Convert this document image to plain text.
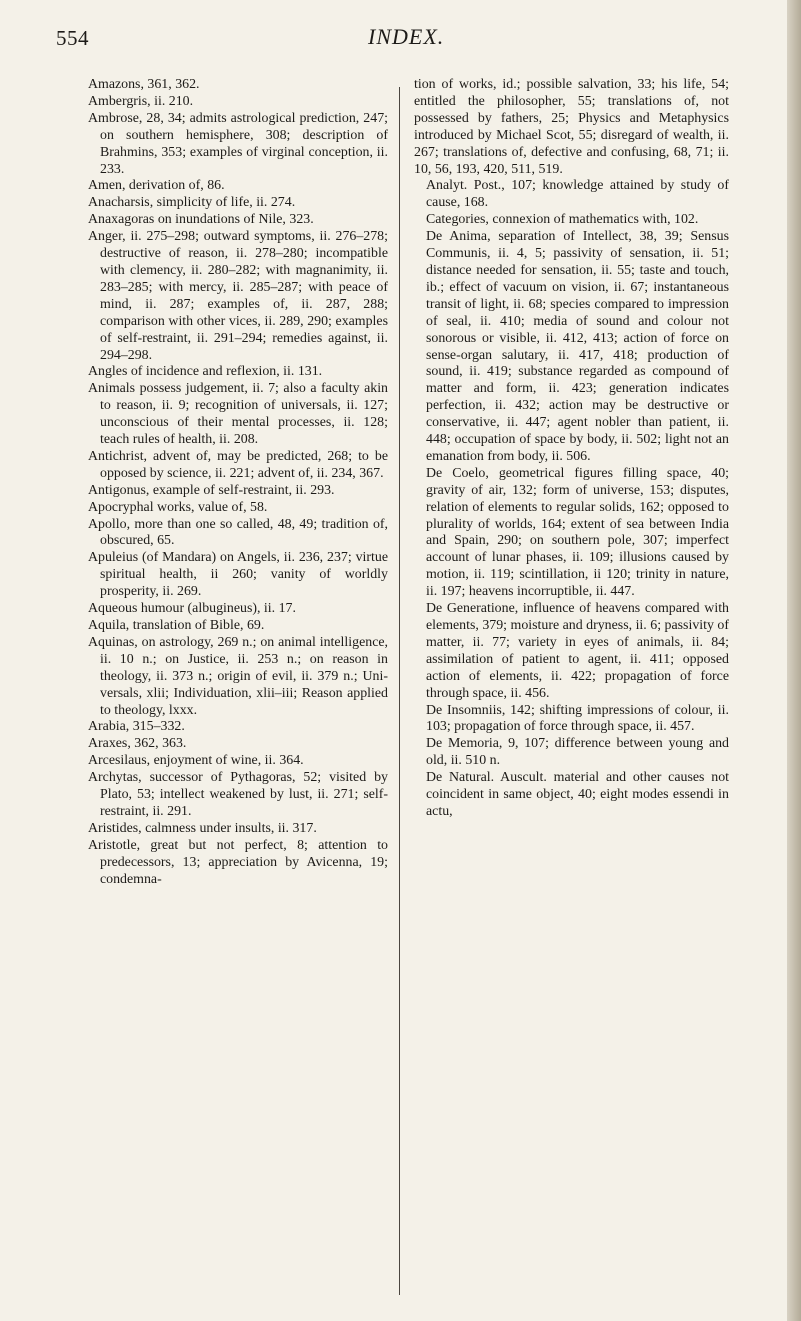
554	INDEX.

Amazons, 361, 362.

Ambergris, ii. 210.

Ambrose, 28, 34; admits astrological prediction, 247; on southern hemisphere, 308; description of Brahmins, 353; examples of virginal conception, ii. 233.

Amen, derivation of, 86.

Anacharsis, simplicity of life, ii. 274.

Anaxagoras on inundations of Nile, 323.

Anger, ii. 275–298; outward symptoms, ii. 276–278; destructive of reason, ii. 278–280; incompatible with clemency, ii. 280–282; with magnanimity, ii. 283–285; with mercy, ii. 285–287; with peace of mind, ii. 287; examples of, ii. 287, 288; comparison with other vices, ii. 289, 290; examples of self-restraint, ii. 291–294; remedies against, ii. 294–298.

Angles of incidence and reflexion, ii. 131.

Animals possess judgement, ii. 7; also a faculty akin to reason, ii. 9; recognition of universals, ii. 127; unconscious of their mental processes, ii. 128; teach rules of health, ii. 208.

Antichrist, advent of, may be predicted, 268; to be opposed by science, ii. 221; advent of, ii. 234, 367.

Antigonus, example of self-restraint, ii. 293.

Apocryphal works, value of, 58.

Apollo, more than one so called, 48, 49; tradition of, obscured, 65.

Apuleius (of Mandara) on Angels, ii. 236, 237; virtue spiritual health, ii 260; vanity of worldly prosperity, ii. 269.

Aqueous humour (albugineus), ii. 17.

Aquila, translation of Bible, 69.

Aquinas, on astrology, 269 n.; on animal intelligence, ii. 10 n.; on Justice, ii. 253 n.; on reason in theology, ii. 373 n.; origin of evil, ii. 379 n.; Universals, xlii; Individuation, xlii–iii; Reason applied to theology, lxxx.

Arabia, 315–332.

Araxes, 362, 363.

Arcesilaus, enjoyment of wine, ii. 364.

Archytas, successor of Pythagoras, 52; visited by Plato, 53; intellect weakened by lust, ii. 271; self-restraint, ii. 291.

Aristides, calmness under insults, ii. 317.

Aristotle, great but not perfect, 8; attention to predecessors, 13; appreciation by Avicenna, 19; condemna-

tion of works, id.; possible salvation, 33; his life, 54; entitled the philosopher, 55; translations of, not possessed by fathers, 25; Physics and Metaphysics introduced by Michael Scot, 55; disregard of wealth, ii. 267; translations of, defective and confusing, 68, 71; ii. 10, 56, 193, 420, 511, 519.

Analyt. Post., 107; knowledge attained by study of cause, 168.

Categories, connexion of mathematics with, 102.

De Anima, separation of Intellect, 38, 39; Sensus Communis, ii. 4, 5; passivity of sensation, ii. 51; distance needed for sensation, ii. 55; taste and touch, ib.; effect of vacuum on vision, ii. 67; instantaneous transit of light, ii. 68; species compared to impression of seal, ii. 410; media of sound and colour not sonorous or visible, ii. 412, 413; action of force on sense-organ salutary, ii. 417, 418; production of sound, ii. 419; substance regarded as compound of matter and form, ii. 423; generation indicates perfection, ii. 432; action may be destructive or conservative, ii. 447; agent nobler than patient, ii. 448; occupation of space by body, ii. 502; light not an emanation from body, ii. 506.

De Coelo, geometrical figures filling space, 40; gravity of air, 132; form of universe, 153; disputes, relation of elements to regular solids, 162; opposed to plurality of worlds, 164; extent of sea between India and Spain, 290; on southern pole, 307; imperfect account of lunar phases, ii. 109; illusions caused by motion, ii. 119; scintillation, ii 120; trinity in nature, ii. 197; heavens incorruptible, ii. 447.

De Generatione, influence of heavens compared with elements, 379; moisture and dryness, ii. 6; passivity of matter, ii. 77; variety in eyes of animals, ii. 84; assimilation of patient to agent, ii. 411; opposed action of elements, ii. 422; propagation of force through space, ii. 456.

De Insomniis, 142; shifting impressions of colour, ii. 103; propagation of force through space, ii. 457.

De Memoria, 9, 107; difference between young and old, ii. 510 n.

De Natural. Auscult. material and other causes not coincident in same object, 40; eight modes essendi in actu,
